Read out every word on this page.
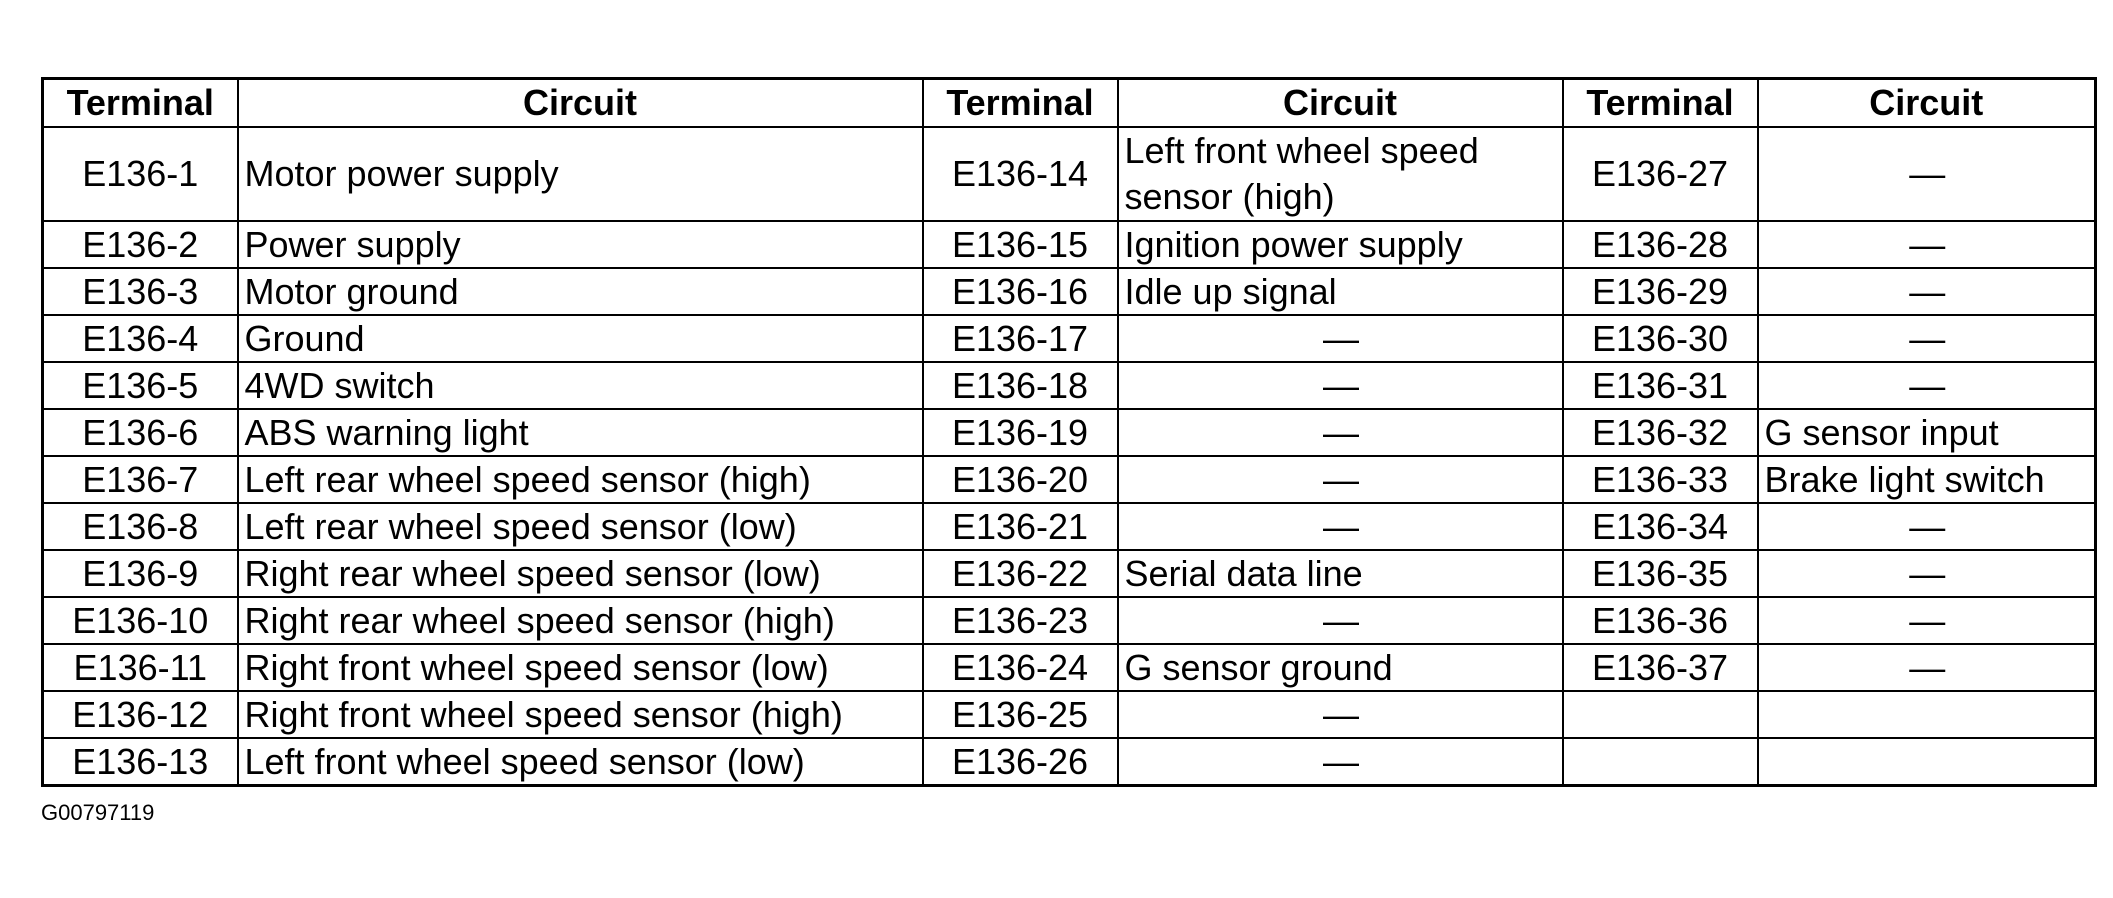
Terminal	Circuit	Terminal	Circuit	Terminal	Circuit
E136-1	Motor power supply	E136-14	Left front wheel speed sensor (high)	E136-27	—
E136-2	Power supply	E136-15	Ignition power supply	E136-28	—
E136-3	Motor ground	E136-16	Idle up signal	E136-29	—
E136-4	Ground	E136-17	—	E136-30	—
E136-5	4WD switch	E136-18	—	E136-31	—
E136-6	ABS warning light	E136-19	—	E136-32	G sensor input
E136-7	Left rear wheel speed sensor (high)	E136-20	—	E136-33	Brake light switch
E136-8	Left rear wheel speed sensor (low)	E136-21	—	E136-34	—
E136-9	Right rear wheel speed sensor (low)	E136-22	Serial data line	E136-35	—
E136-10	Right rear wheel speed sensor (high)	E136-23	—	E136-36	—
E136-11	Right front wheel speed sensor (low)	E136-24	G sensor ground	E136-37	—
E136-12	Right front wheel speed sensor (high)	E136-25	—		
E136-13	Left front wheel speed sensor (low)	E136-26	—		
G00797119
